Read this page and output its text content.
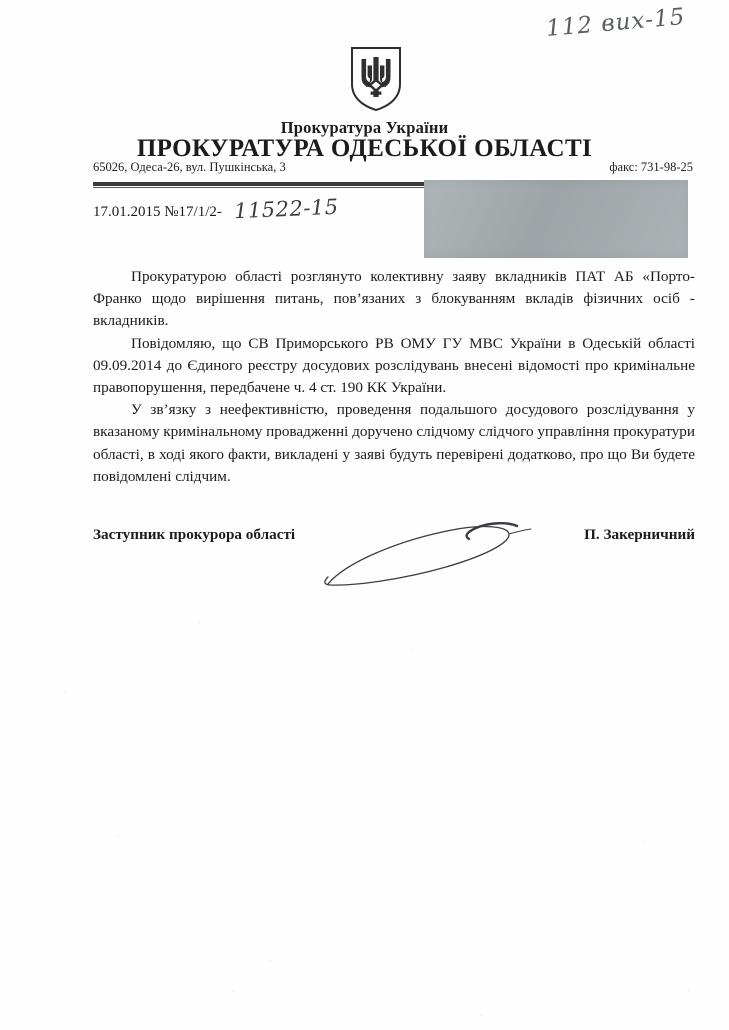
112 вих-15
Прокуратура України
ПРОКУРАТУРА ОДЕСЬКОЇ ОБЛАСТІ
65026, Одеса-26, вул. Пушкінська, 3	факс: 731-98-25
17.01.2015 №17/1/2- 11522-15

Прокуратурою області розглянуто колективну заяву вкладників ПАТ АБ «Порто-Франко щодо вирішення питань, пов’язаних з блокуванням вкладів фізичних осіб - вкладників.

Повідомляю, що СВ Приморського РВ ОМУ ГУ МВС України в Одеській області 09.09.2014 до Єдиного реєстру досудових розслідувань внесені відомості про кримінальне правопорушення, передбачене ч. 4 ст. 190 КК України.

У зв’язку з неефективністю, проведення подальшого досудового розслідування у вказаному кримінальному провадженні доручено слідчому слідчого управління прокуратури області, в ході якого факти, викладені у заяві будуть перевірені додатково, про що Ви будете повідомлені слідчим.

Заступник прокурора області	П. Закерничний
